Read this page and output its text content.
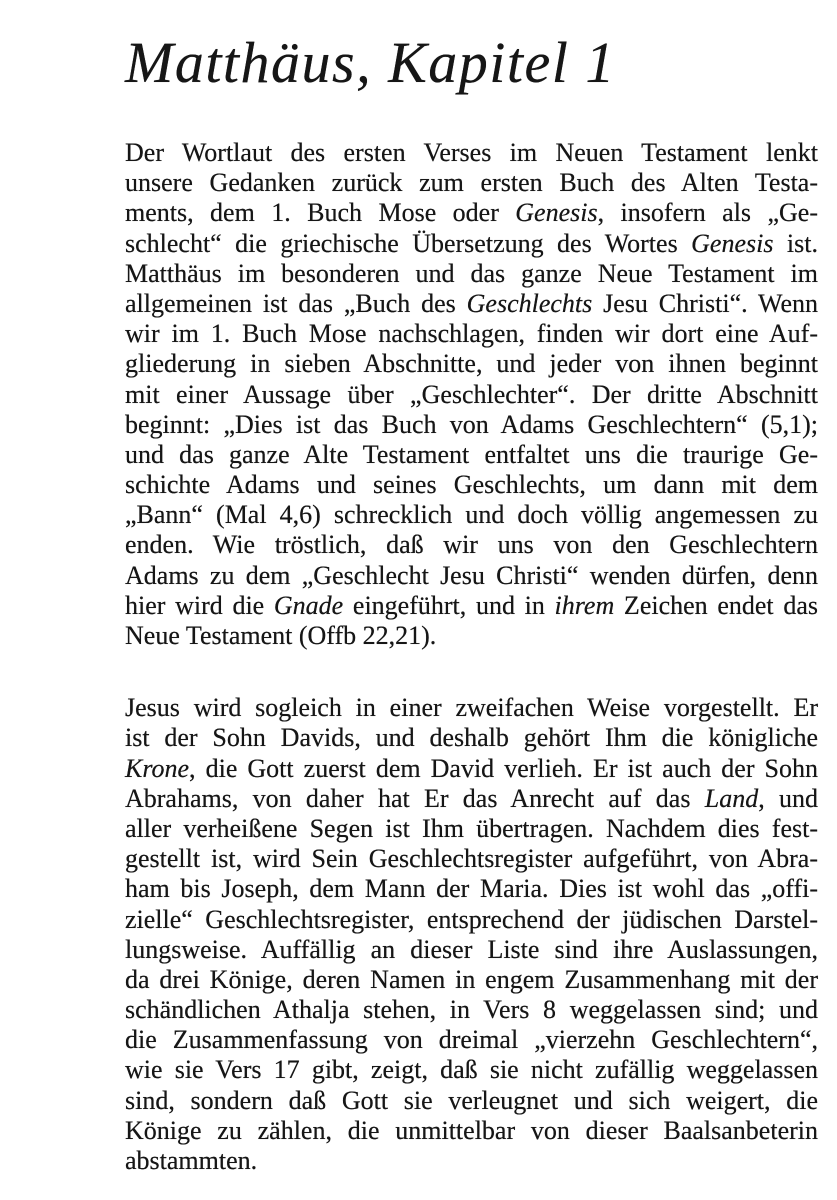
Matthäus, Kapitel 1
Der Wortlaut des ersten Verses im Neuen Testament lenkt
unsere Gedanken zurück zum ersten Buch des Alten Testa-
ments, dem 1. Buch Mose oder Genesis, insofern als „Ge-
schlecht“ die griechische Übersetzung des Wortes Genesis ist.
Matthäus im besonderen und das ganze Neue Testament im
allgemeinen ist das „Buch des Geschlechts Jesu Christi“. Wenn
wir im 1. Buch Mose nachschlagen, finden wir dort eine Auf-
gliederung in sieben Abschnitte, und jeder von ihnen beginnt
mit einer Aussage über „Geschlechter“. Der dritte Abschnitt
beginnt: „Dies ist das Buch von Adams Geschlechtern“ (5,1);
und das ganze Alte Testament entfaltet uns die traurige Ge-
schichte Adams und seines Geschlechts, um dann mit dem
„Bann“ (Mal 4,6) schrecklich und doch völlig angemessen zu
enden. Wie tröstlich, daß wir uns von den Geschlechtern
Adams zu dem „Geschlecht Jesu Christi“ wenden dürfen, denn
hier wird die Gnade eingeführt, und in ihrem Zeichen endet das
Neue Testament (Offb 22,21).
Jesus wird sogleich in einer zweifachen Weise vorgestellt. Er
ist der Sohn Davids, und deshalb gehört Ihm die königliche
Krone, die Gott zuerst dem David verlieh. Er ist auch der Sohn
Abrahams, von daher hat Er das Anrecht auf das Land, und
aller verheißene Segen ist Ihm übertragen. Nachdem dies fest-
gestellt ist, wird Sein Geschlechtsregister aufgeführt, von Abra-
ham bis Joseph, dem Mann der Maria. Dies ist wohl das „offi-
zielle“ Geschlechtsregister, entsprechend der jüdischen Darstel-
lungsweise. Auffällig an dieser Liste sind ihre Auslassungen,
da drei Könige, deren Namen in engem Zusammenhang mit der
schändlichen Athalja stehen, in Vers 8 weggelassen sind; und
die Zusammenfassung von dreimal „vierzehn Geschlechtern“,
wie sie Vers 17 gibt, zeigt, daß sie nicht zufällig weggelassen
sind, sondern daß Gott sie verleugnet und sich weigert, die
Könige zu zählen, die unmittelbar von dieser Baalsanbeterin
abstammten.
